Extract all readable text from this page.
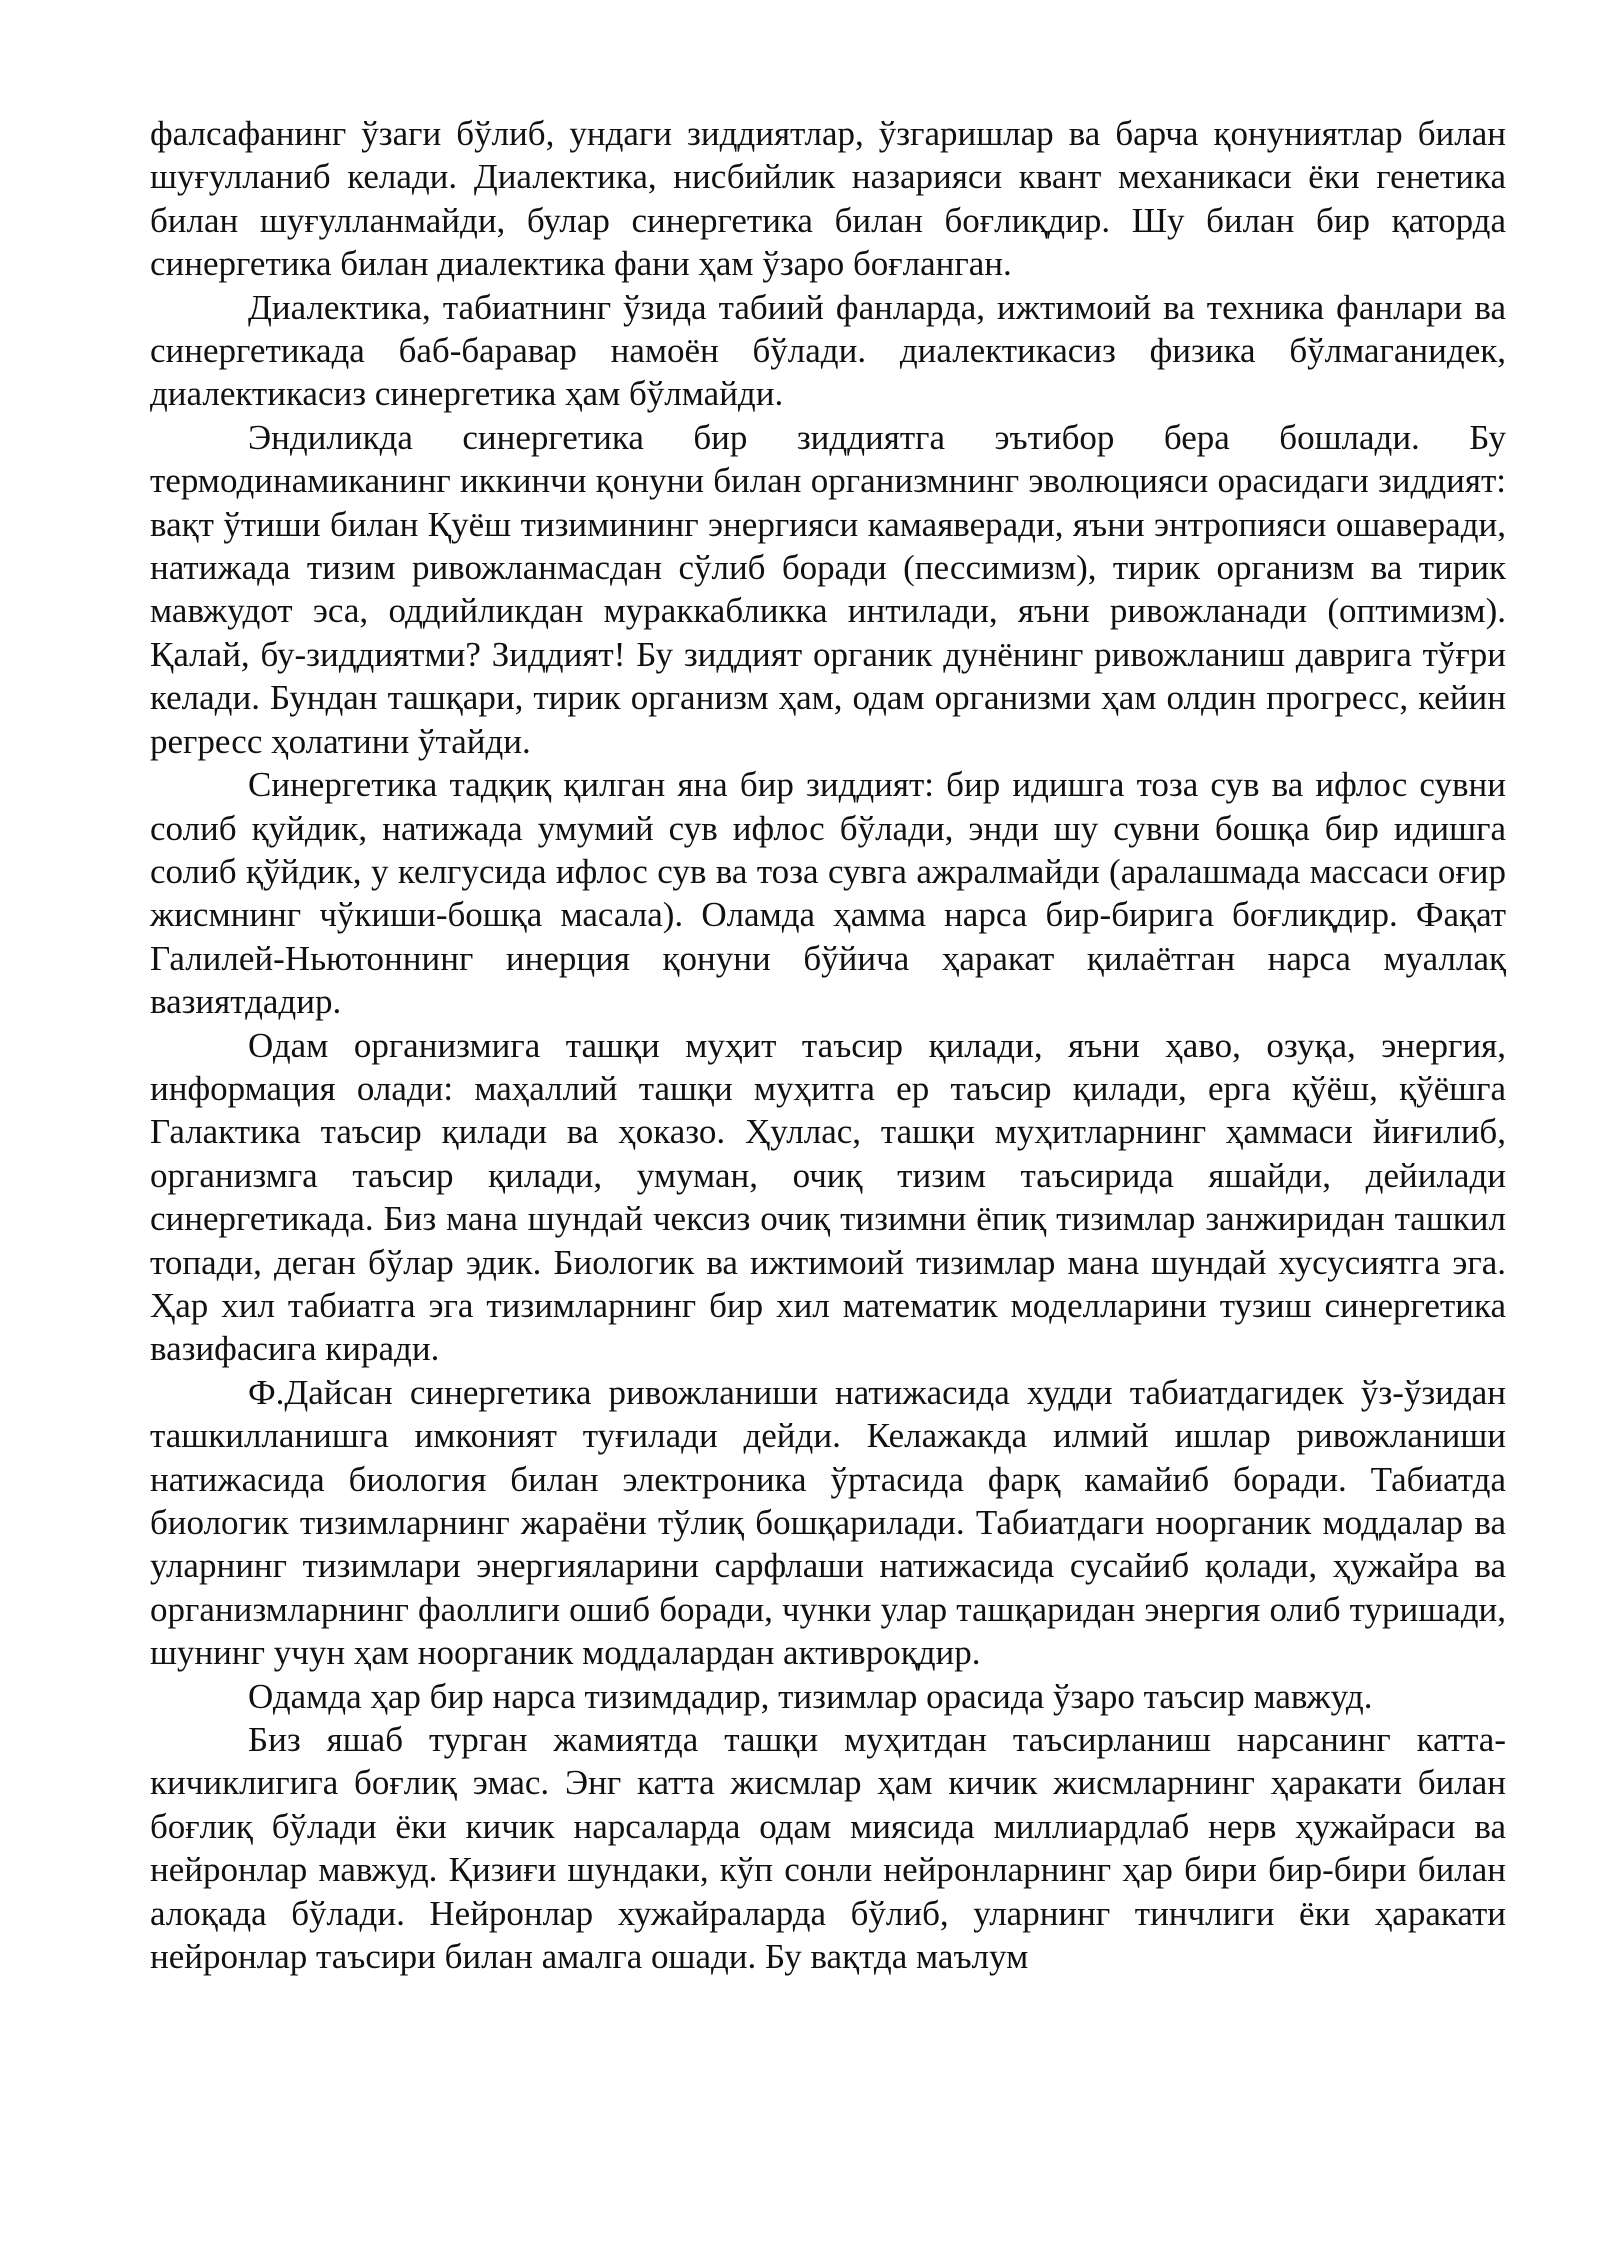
фалсафанинг ўзаги бўлиб, ундаги зиддиятлар, ўзгаришлар ва барча қонуниятлар билан шуғулланиб келади. Диалектика, нисбийлик назарияси квант механикаси ёки генетика билан шуғулланмайди, булар синергетика билан боғлиқдир. Шу билан бир қаторда синергетика билан диалектика фани ҳам ўзаро боғланган.

Диалектика, табиатнинг ўзида табиий фанларда, ижтимоий ва техника фанлари ва синергетикада баб-баравар намоён бўлади. диалектикасиз физика бўлмаганидек, диалектикасиз синергетика ҳам бўлмайди.

Эндиликда синергетика бир зиддиятга эътибор бера бошлади. Бу термодинамиканинг иккинчи қонуни билан организмнинг эволюцияси орасидаги зиддият: вақт ўтиши билан Қуёш тизимининг энергияси камаяверади, яъни энтропияси ошаверади, натижада тизим ривожланмасдан сўлиб боради (пессимизм), тирик организм ва тирик мавжудот эса, оддийликдан мураккабликка интилади, яъни ривожланади (оптимизм). Қалай, бу-зиддиятми? Зиддият! Бу зиддият органик дунёнинг ривожланиш даврига тўғри келади. Бундан ташқари, тирик организм ҳам, одам организми ҳам олдин прогресс, кейин регресс ҳолатини ўтайди.

Синергетика тадқиқ қилган яна бир зиддият: бир идишга тоза сув ва ифлос сувни солиб қуйдик, натижада умумий сув ифлос бўлади, энди шу сувни бошқа бир идишга солиб қўйдик, у келгусида ифлос сув ва тоза сувга ажралмайди (аралашмада массаси оғир жисмнинг чўкиши-бошқа масала). Оламда ҳамма нарса бир-бирига боғлиқдир. Фақат Галилей-Ньютоннинг инерция қонуни бўйича ҳаракат қилаётган нарса муаллақ вазиятдадир.

Одам организмига ташқи муҳит таъсир қилади, яъни ҳаво, озуқа, энергия, информация олади: маҳаллий ташқи муҳитга ер таъсир қилади, ерга қўёш, қўёшга Галактика таъсир қилади ва ҳоказо. Ҳуллас, ташқи муҳитларнинг ҳаммаси йиғилиб, организмга таъсир қилади, умуман, очиқ тизим таъсирида яшайди, дейилади синергетикада. Биз мана шундай чексиз очиқ тизимни ёпиқ тизимлар занжиридан ташкил топади, деган бўлар эдик. Биологик ва ижтимоий тизимлар мана шундай хусусиятга эга. Ҳар хил табиатга эга тизимларнинг бир хил математик моделларини тузиш синергетика вазифасига киради.

Ф.Дайсан синергетика ривожланиши натижасида худди табиатдагидек ўз-ўзидан ташкилланишга имконият туғилади дейди. Келажакда илмий ишлар ривожланиши натижасида биология билан электроника ўртасида фарқ камайиб боради. Табиатда биологик тизимларнинг жараёни тўлиқ бошқарилади. Табиатдаги ноорганик моддалар ва уларнинг тизимлари энергияларини сарфлаши натижасида сусайиб қолади, ҳужайра ва организмларнинг фаоллиги ошиб боради, чунки улар ташқаридан энергия олиб туришади, шунинг учун ҳам ноорганик моддалардан активроқдир.

Одамда ҳар бир нарса тизимдадир, тизимлар орасида ўзаро таъсир мавжуд.

Биз яшаб турган жамиятда ташқи муҳитдан таъсирланиш нарсанинг катта-кичиклигига боғлиқ эмас. Энг катта жисмлар ҳам кичик жисмларнинг ҳаракати билан боғлиқ бўлади ёки кичик нарсаларда одам миясида миллиардлаб нерв ҳужайраси ва нейронлар мавжуд. Қизиғи шундаки, кўп сонли нейронларнинг ҳар бири бир-бири билан алоқада бўлади. Нейронлар хужайраларда бўлиб, уларнинг тинчлиги ёки ҳаракати нейронлар таъсири билан амалга ошади. Бу вақтда маълум
